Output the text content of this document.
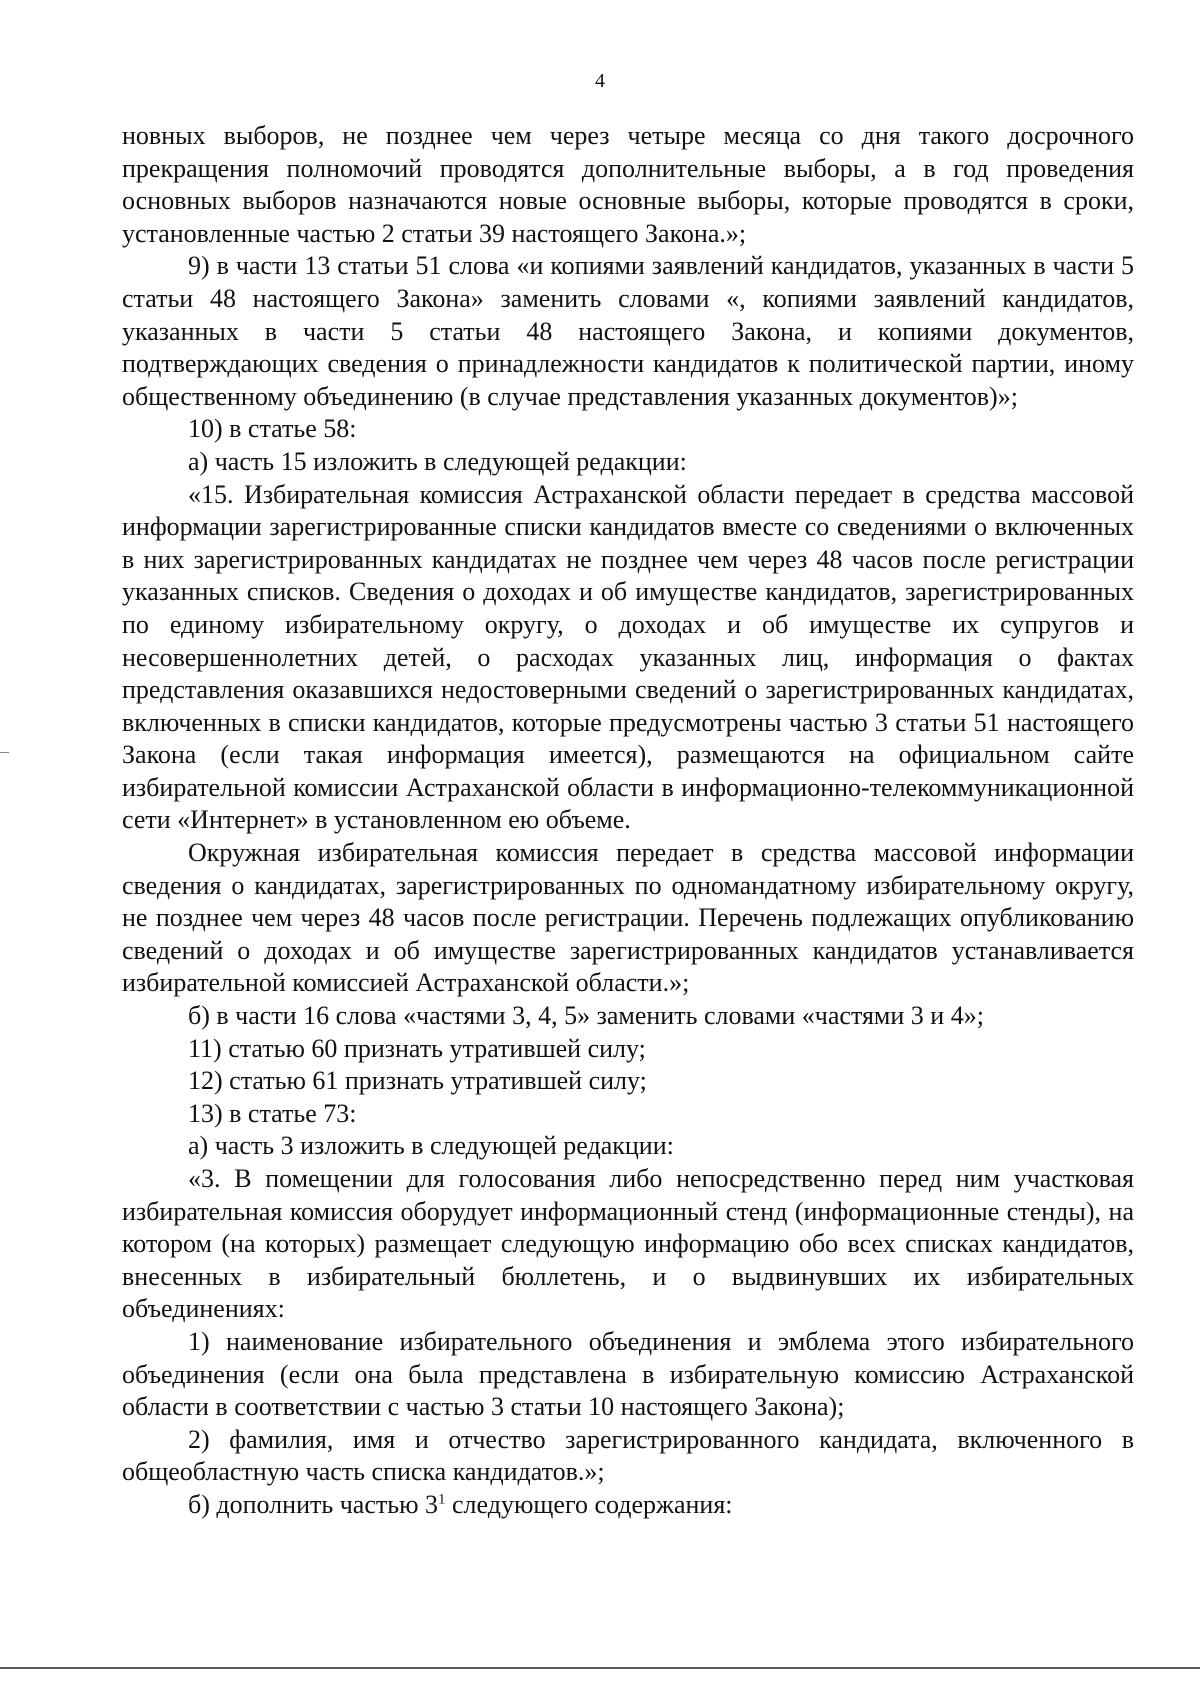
4

новных выборов, не позднее чем через четыре месяца со дня такого досрочного прекращения полномочий проводятся дополнительные выборы, а в год проведения основных выборов назначаются новые основные выборы, которые проводятся в сроки, установленные частью 2 статьи 39 настоящего Закона.»;

9) в части 13 статьи 51 слова «и копиями заявлений кандидатов, указанных в части 5 статьи 48 настоящего Закона» заменить словами «, копиями заявлений кандидатов, указанных в части 5 статьи 48 настоящего Закона, и копиями документов, подтверждающих сведения о принадлежности кандидатов к политической партии, иному общественному объединению (в случае представления указанных документов)»;

10) в статье 58:

а) часть 15 изложить в следующей редакции:

«15. Избирательная комиссия Астраханской области передает в средства массовой информации зарегистрированные списки кандидатов вместе со сведениями о включенных в них зарегистрированных кандидатах не позднее чем через 48 часов после регистрации указанных списков. Сведения о доходах и об имуществе кандидатов, зарегистрированных по единому избирательному округу, о доходах и об имуществе их супругов и несовершеннолетних детей, о расходах указанных лиц, информация о фактах представления оказавшихся недостоверными сведений о зарегистрированных кандидатах, включенных в списки кандидатов, которые предусмотрены частью 3 статьи 51 настоящего Закона (если такая информация имеется), размещаются на официальном сайте избирательной комиссии Астраханской области в информационно-телекоммуникационной сети «Интернет» в установленном ею объеме.

Окружная избирательная комиссия передает в средства массовой информации сведения о кандидатах, зарегистрированных по одномандатному избирательному округу, не позднее чем через 48 часов после регистрации. Перечень подлежащих опубликованию сведений о доходах и об имуществе зарегистрированных кандидатов устанавливается избирательной комиссией Астраханской области.»;

б) в части 16 слова «частями 3, 4, 5» заменить словами «частями 3 и 4»;

11) статью 60 признать утратившей силу;

12) статью 61 признать утратившей силу;

13) в статье 73:

а) часть 3 изложить в следующей редакции:

«3. В помещении для голосования либо непосредственно перед ним участковая избирательная комиссия оборудует информационный стенд (информационные стенды), на котором (на которых) размещает следующую информацию обо всех списках кандидатов, внесенных в избирательный бюллетень, и о выдвинувших их избирательных объединениях:

1) наименование избирательного объединения и эмблема этого избирательного объединения (если она была представлена в избирательную комиссию Астраханской области в соответствии с частью 3 статьи 10 настоящего Закона);

2) фамилия, имя и отчество зарегистрированного кандидата, включенного в общеобластную часть списка кандидатов.»;

б) дополнить частью $3^1$ следующего содержания:
